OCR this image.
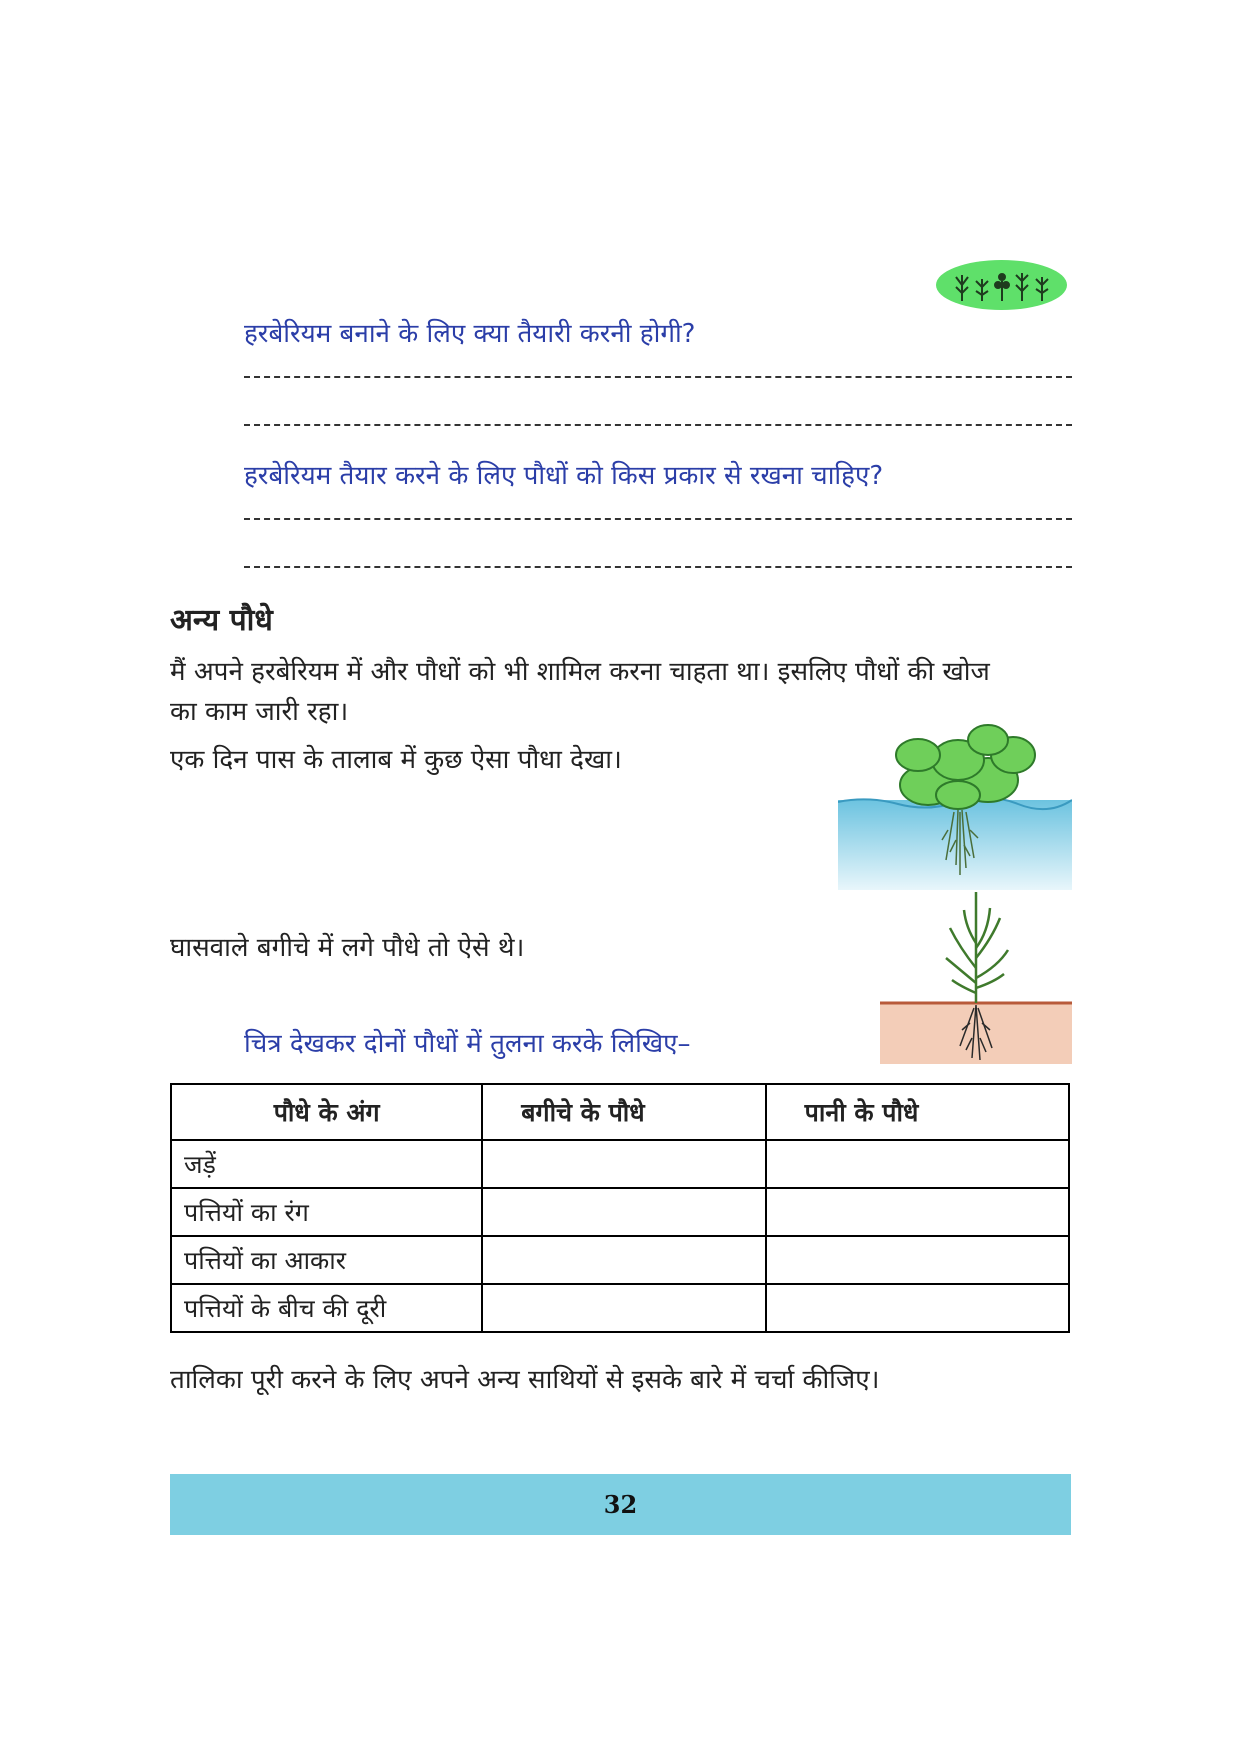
हरबेरियम बनाने के लिए क्या तैयारी करनी होगी?
हरबेरियम तैयार करने के लिए पौधों को किस प्रकार से रखना चाहिए?
अन्य पौधे
मैं अपने हरबेरियम में और पौधों को भी शामिल करना चाहता था। इसलिए पौधों की खोज
का काम जारी रहा।
एक दिन पास के तालाब में कुछ ऐसा पौधा देखा।
घासवाले बगीचे में लगे पौधे तो ऐसे थे।
चित्र देखकर दोनों पौधों में तुलना करके लिखिए–
पौधे के अंग	बगीचे के पौधे	पानी के पौधे
जड़ें		
पत्तियों का रंग		
पत्तियों का आकार		
पत्तियों के बीच की दूरी		
तालिका पूरी करने के लिए अपने अन्य साथियों से इसके बारे में चर्चा कीजिए।
32
